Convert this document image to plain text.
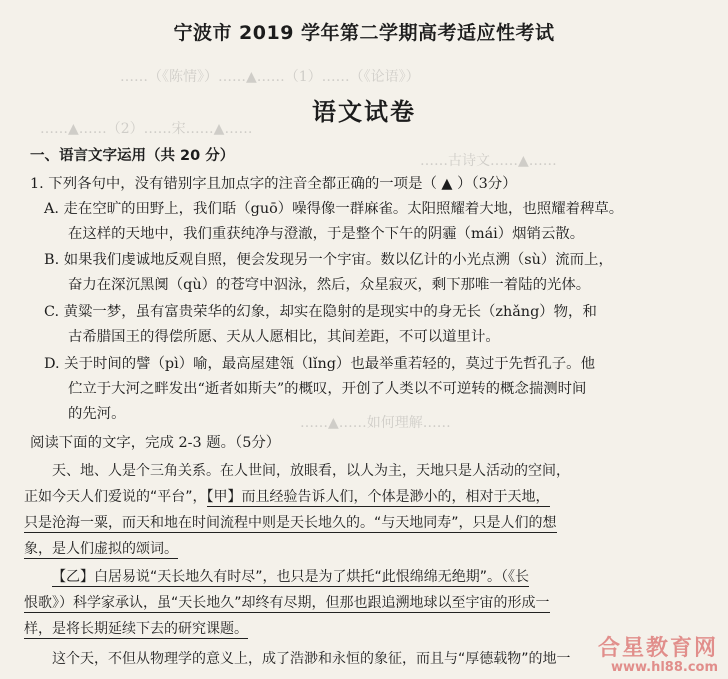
……（《陈情》）……▲……（1）……（《论语》）
……▲……（2）……宋……▲……
……古诗文……▲……
……▲……如何理解……
宁波市 2019 学年第二学期高考适应性考试
语文试卷
一、语言文字运用（共 20 分）
1. 下列各句中，没有错别字且加点字的注音全都正确的一项是（ ▲ ）（3分）
A. 走在空旷的田野上，我们聒（guō）噪得像一群麻雀。太阳照耀着大地，也照耀着稗草。
在这样的天地中，我们重获纯净与澄澈，于是整个下午的阴霾（mái）烟销云散。
B. 如果我们虔诚地反观自照，便会发现另一个宇宙。数以亿计的小光点溯（sù）流而上，
奋力在深沉黑阒（qù）的苍穹中泅泳，然后，众星寂灭，剩下那唯一着陆的光体。
C. 黄粱一梦，虽有富贵荣华的幻象，却实在隐射的是现实中的身无长（zhǎng）物，和
古希腊国王的得偿所愿、天从人愿相比，其间差距，不可以道里计。
D. 关于时间的譬（pì）喻，最高屋建瓴（lǐng）也最举重若轻的，莫过于先哲孔子。他
伫立于大河之畔发出“逝者如斯夫”的概叹，开创了人类以不可逆转的概念揣测时间
的先河。
阅读下面的文字，完成 2-3 题。（5分）
天、地、人是个三角关系。在人世间，放眼看，以人为主，天地只是人活动的空间，
正如今天人们爱说的“平台”，【甲】而且经验告诉人们，个体是渺小的，相对于天地，
只是沧海一粟，而天和地在时间流程中则是天长地久的。“与天地同寿”，只是人们的想
象，是人们虚拟的颂词。
【乙】白居易说“天长地久有时尽”，也只是为了烘托“此恨绵绵无绝期”。（《长
恨歌》）科学家承认，虽“天长地久”却终有尽期，但那也跟追溯地球以至宇宙的形成一
样，是将长期延续下去的研究课题。
这个天，不但从物理学的意义上，成了浩渺和永恒的象征，而且与“厚德载物”的地一 合星教育网
www.hl88.com
